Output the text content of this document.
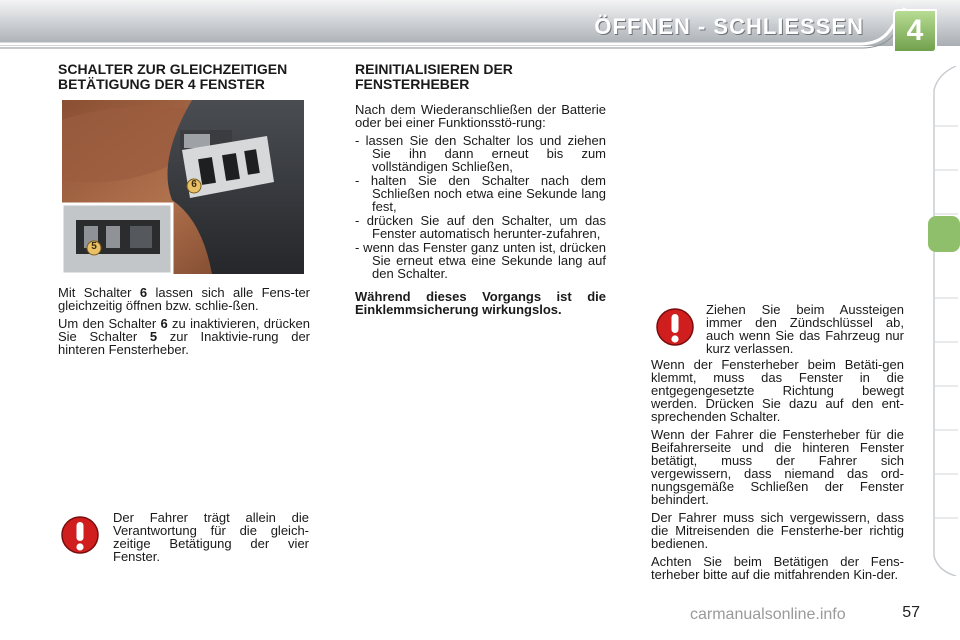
ÖFFNEN - SCHLIESSEN	4
SCHALTER ZUR GLEICHZEITIGEN BETÄTIGUNG DER 4 FENSTER
6
5

Mit Schalter 6 lassen sich alle Fens-ter gleichzeitig öffnen bzw. schlie-ßen.

Um den Schalter 6 zu inaktivieren, drücken Sie Schalter 5 zur Inaktivie-rung der hinteren Fensterheber.

Der Fahrer trägt allein die Verantwortung für die gleich-zeitige Betätigung der vier Fenster.

REINITIALISIEREN DER FENSTERHEBER

Nach dem Wiederanschließen der Batterie oder bei einer Funktionsstö-rung:

- lassen Sie den Schalter los und ziehen Sie ihn dann erneut bis zum vollständigen Schließen,
- halten Sie den Schalter nach dem Schließen noch etwa eine Sekunde lang fest,
- drücken Sie auf den Schalter, um das Fenster automatisch herunter-zufahren,
- wenn das Fenster ganz unten ist, drücken Sie erneut etwa eine Sekunde lang auf den Schalter.

Während dieses Vorgangs ist die Einklemmsicherung wirkungslos.	Ziehen Sie beim Aussteigen immer den Zündschlüssel ab, auch wenn Sie das Fahrzeug nur kurz verlassen.

Wenn der Fensterheber beim Betäti-gen klemmt, muss das Fenster in die entgegengesetzte Richtung bewegt werden. Drücken Sie dazu auf den ent-sprechenden Schalter.

Wenn der Fahrer die Fensterheber für die Beifahrerseite und die hinteren Fenster betätigt, muss der Fahrer sich vergewissern, dass niemand das ord-nungsgemäße Schließen der Fenster behindert.

Der Fahrer muss sich vergewissern, dass die Mitreisenden die Fensterhe-ber richtig bedienen.

Achten Sie beim Betätigen der Fens-terheber bitte auf die mitfahrenden Kin-der.

carmanualsonline.info	57
